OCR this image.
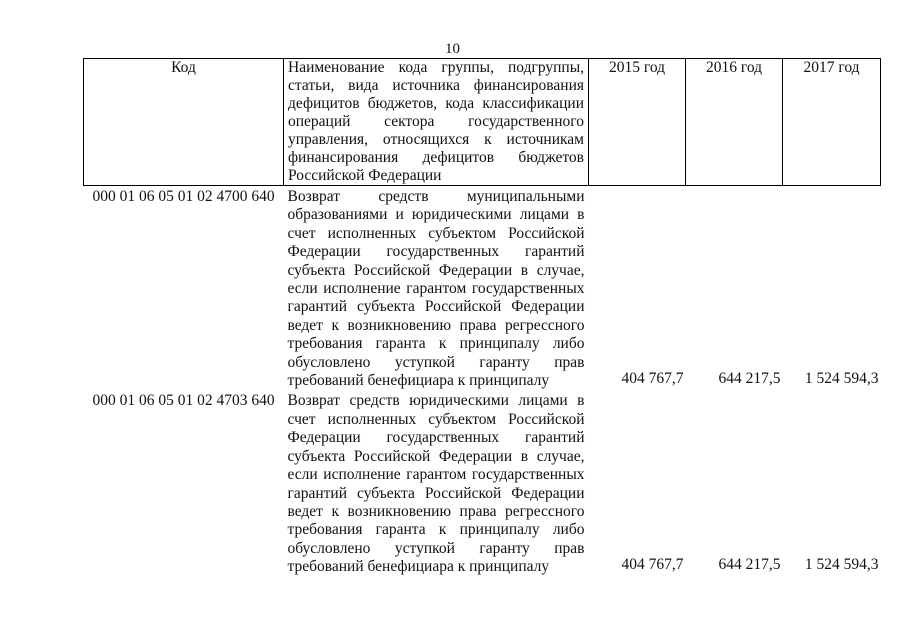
10
Код	Наименование кода группы, подгруппы, статьи, вида источника финансирования дефицитов бюджетов, кода классификации операций сектора государственного управления, относящихся к источникам финансирования дефицитов бюджетов Российской Федерации	2015 год	2016 год	2017 год
000 01 06 05 01 02 4700 640	Возврат средств муниципальными образованиями и юридическими лицами в счет исполненных субъектом Российской Федерации государственных гарантий субъекта Российской Федерации в случае, если исполнение гарантом государственных гарантий субъекта Российской Федерации ведет к возникновению права регрессного требования гаранта к принципалу либо обусловлено уступкой гаранту прав требований бенефициара к принципалу	404 767,7	644 217,5	1 524 594,3
000 01 06 05 01 02 4703 640	Возврат средств юридическими лицами в счет исполненных субъектом Российской Федерации государственных гарантий субъекта Российской Федерации в случае, если исполнение гарантом государственных гарантий субъекта Российской Федерации ведет к возникновению права регрессного требования гаранта к принципалу либо обусловлено уступкой гаранту прав требований бенефициара к принципалу	404 767,7	644 217,5	1 524 594,3
